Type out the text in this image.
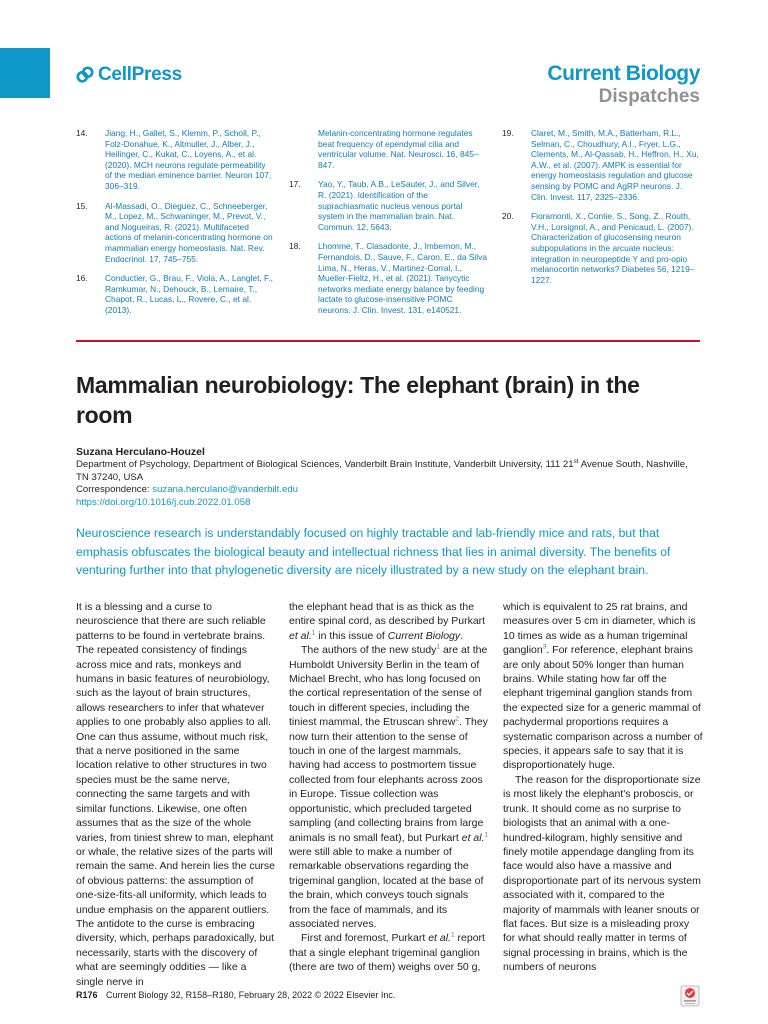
CellPress	Current Biology
Dispatches
14. Jiang, H., Gallet, S., Klemm, P., Scholl, P., Folz-Donahue, K., Altmuller, J., Alber, J., Heilinger, C., Kukat, C., Loyens, A., et al. (2020). MCH neurons regulate permeability of the median eminence barrier. Neuron 107, 306–319.
15. Al-Massadi, O., Dieguez, C., Schneeberger, M., Lopez, M., Schwaninger, M., Prevot, V., and Nogueiras, R. (2021). Multifaceted actions of melanin-concentrating hormone on mammalian energy homeostasis. Nat. Rev. Endocrinol. 17, 745–755.
16. Conductier, G., Brau, F., Viola, A., Langlet, F., Ramkumar, N., Dehouck, B., Lemaire, T., Chapot, R., Lucas, L., Rovere, C., et al. (2013).
Melanin-concentrating hormone regulates beat frequency of ependymal cilia and ventricular volume. Nat. Neurosci. 16, 845–847.
17. Yao, Y., Taub, A.B., LeSauter, J., and Silver, R. (2021). Identification of the suprachiasmatic nucleus venous portal system in the mammalian brain. Nat. Commun. 12, 5643.
18. Lhomme, T., Clasadonte, J., Imbernon, M., Fernandois, D., Sauve, F., Caron, E., da Silva Lima, N., Heras, V., Martinez-Corral, I., Mueller-Fieltz, H., et al. (2021). Tanycytic networks mediate energy balance by feeding lactate to glucose-insensitive POMC neurons. J. Clin. Invest. 131, e140521.
19. Claret, M., Smith, M.A., Batterham, R.L., Selman, C., Choudhury, A.I., Fryer, L.G., Clements, M., Al-Qassab, H., Heffron, H., Xu, A.W., et al. (2007). AMPK is essential for energy homeostasis regulation and glucose sensing by POMC and AgRP neurons. J. Clin. Invest. 117, 2325–2336.
20. Fioramonti, X., Contie, S., Song, Z., Routh, V.H., Lorsignol, A., and Penicaud, L. (2007). Characterization of glucosensing neuron subpopulations in the arcuate nucleus: integration in neuropeptide Y and pro-opio melanocortin networks? Diabetes 56, 1219–1227.
Mammalian neurobiology: The elephant (brain) in the room
Suzana Herculano-Houzel
Department of Psychology, Department of Biological Sciences, Vanderbilt Brain Institute, Vanderbilt University, 111 21st Avenue South, Nashville, TN 37240, USA
Correspondence: suzana.herculano@vanderbilt.edu
https://doi.org/10.1016/j.cub.2022.01.058
Neuroscience research is understandably focused on highly tractable and lab-friendly mice and rats, but that emphasis obfuscates the biological beauty and intellectual richness that lies in animal diversity. The benefits of venturing further into that phylogenetic diversity are nicely illustrated by a new study on the elephant brain.

It is a blessing and a curse to neuroscience that there are such reliable patterns to be found in vertebrate brains. The repeated consistency of findings across mice and rats, monkeys and humans in basic features of neurobiology, such as the layout of brain structures, allows researchers to infer that whatever applies to one probably also applies to all. One can thus assume, without much risk, that a nerve positioned in the same location relative to other structures in two species must be the same nerve, connecting the same targets and with similar functions. Likewise, one often assumes that as the size of the whole varies, from tiniest shrew to man, elephant or whale, the relative sizes of the parts will remain the same. And herein lies the curse of obvious patterns: the assumption of one-size-fits-all uniformity, which leads to undue emphasis on the apparent outliers. The antidote to the curse is embracing diversity, which, perhaps paradoxically, but necessarily, starts with the discovery of what are seemingly oddities — like a single nerve in

the elephant head that is as thick as the entire spinal cord, as described by Purkart et al.$^1$ in this issue of Current Biology.

The authors of the new study$^1$ are at the Humboldt University Berlin in the team of Michael Brecht, who has long focused on the cortical representation of the sense of touch in different species, including the tiniest mammal, the Etruscan shrew$^2$. They now turn their attention to the sense of touch in one of the largest mammals, having had access to postmortem tissue collected from four elephants across zoos in Europe. Tissue collection was opportunistic, which precluded targeted sampling (and collecting brains from large animals is no small feat), but Purkart et al.$^1$ were still able to make a number of remarkable observations regarding the trigeminal ganglion, located at the base of the brain, which conveys touch signals from the face of mammals, and its associated nerves.

First and foremost, Purkart et al.$^1$ report that a single elephant trigeminal ganglion (there are two of them) weighs over 50 g,

which is equivalent to 25 rat brains, and measures over 5 cm in diameter, which is 10 times as wide as a human trigeminal ganglion$^3$. For reference, elephant brains are only about 50% longer than human brains. While stating how far off the elephant trigeminal ganglion stands from the expected size for a generic mammal of pachydermal proportions requires a systematic comparison across a number of species, it appears safe to say that it is disproportionately huge.

The reason for the disproportionate size is most likely the elephant's proboscis, or trunk. It should come as no surprise to biologists that an animal with a one-hundred-kilogram, highly sensitive and finely motile appendage dangling from its face would also have a massive and disproportionate part of its nervous system associated with it, compared to the majority of mammals with leaner snouts or flat faces. But size is a misleading proxy for what should really matter in terms of signal processing in brains, which is the numbers of neurons

R176 Current Biology 32, R158–R180, February 28, 2022 © 2022 Elsevier Inc.
